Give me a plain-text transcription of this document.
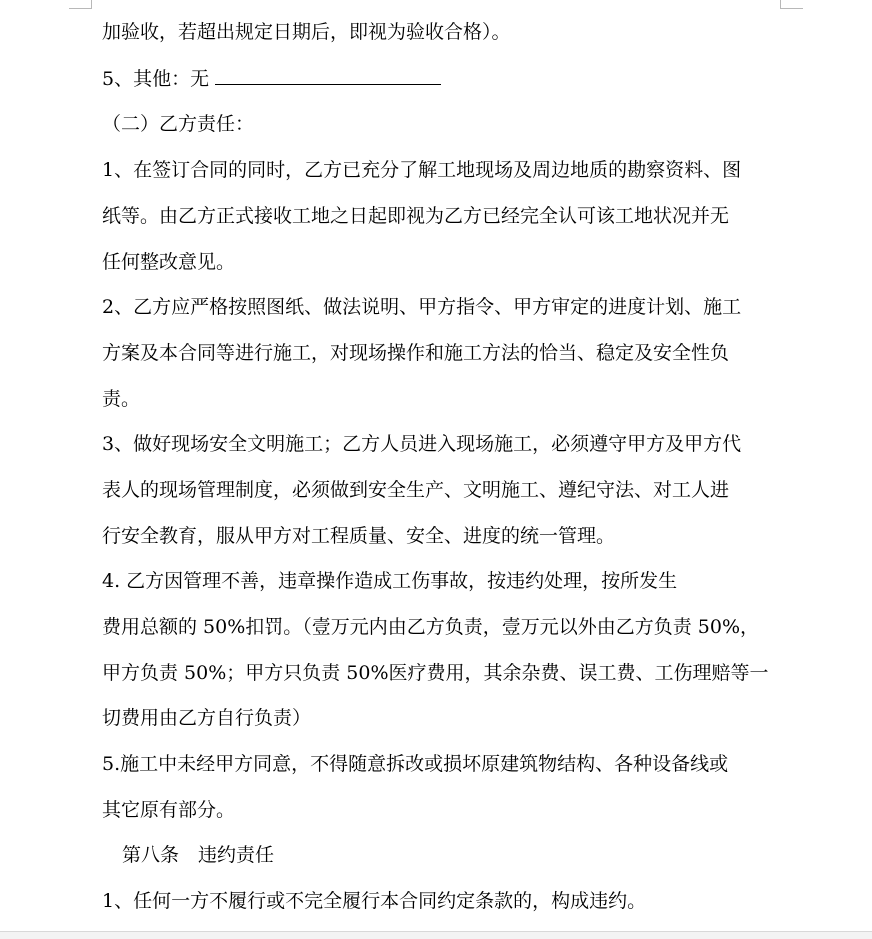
加验收，若超出规定日期后，即视为验收合格）。
5、其他：无
（二）乙方责任：
1、在签订合同的同时，乙方已充分了解工地现场及周边地质的勘察资料、图
纸等。由乙方正式接收工地之日起即视为乙方已经完全认可该工地状况并无
任何整改意见。
2、乙方应严格按照图纸、做法说明、甲方指令、甲方审定的进度计划、施工
方案及本合同等进行施工，对现场操作和施工方法的恰当、稳定及安全性负
责。
3、做好现场安全文明施工；乙方人员进入现场施工，必须遵守甲方及甲方代
表人的现场管理制度，必须做到安全生产、文明施工、遵纪守法、对工人进
行安全教育，服从甲方对工程质量、安全、进度的统一管理。
4. 乙方因管理不善，违章操作造成工伤事故，按违约处理，按所发生
费用总额的 50%扣罚。（壹万元内由乙方负责，壹万元以外由乙方负责 50%，
甲方负责 50%；甲方只负责 50%医疗费用，其余杂费、误工费、工伤理赔等一
切费用由乙方自行负责）
5.施工中未经甲方同意，不得随意拆改或损坏原建筑物结构、各种设备线或
其它原有部分。
第八条　违约责任
1、任何一方不履行或不完全履行本合同约定条款的，构成违约。
